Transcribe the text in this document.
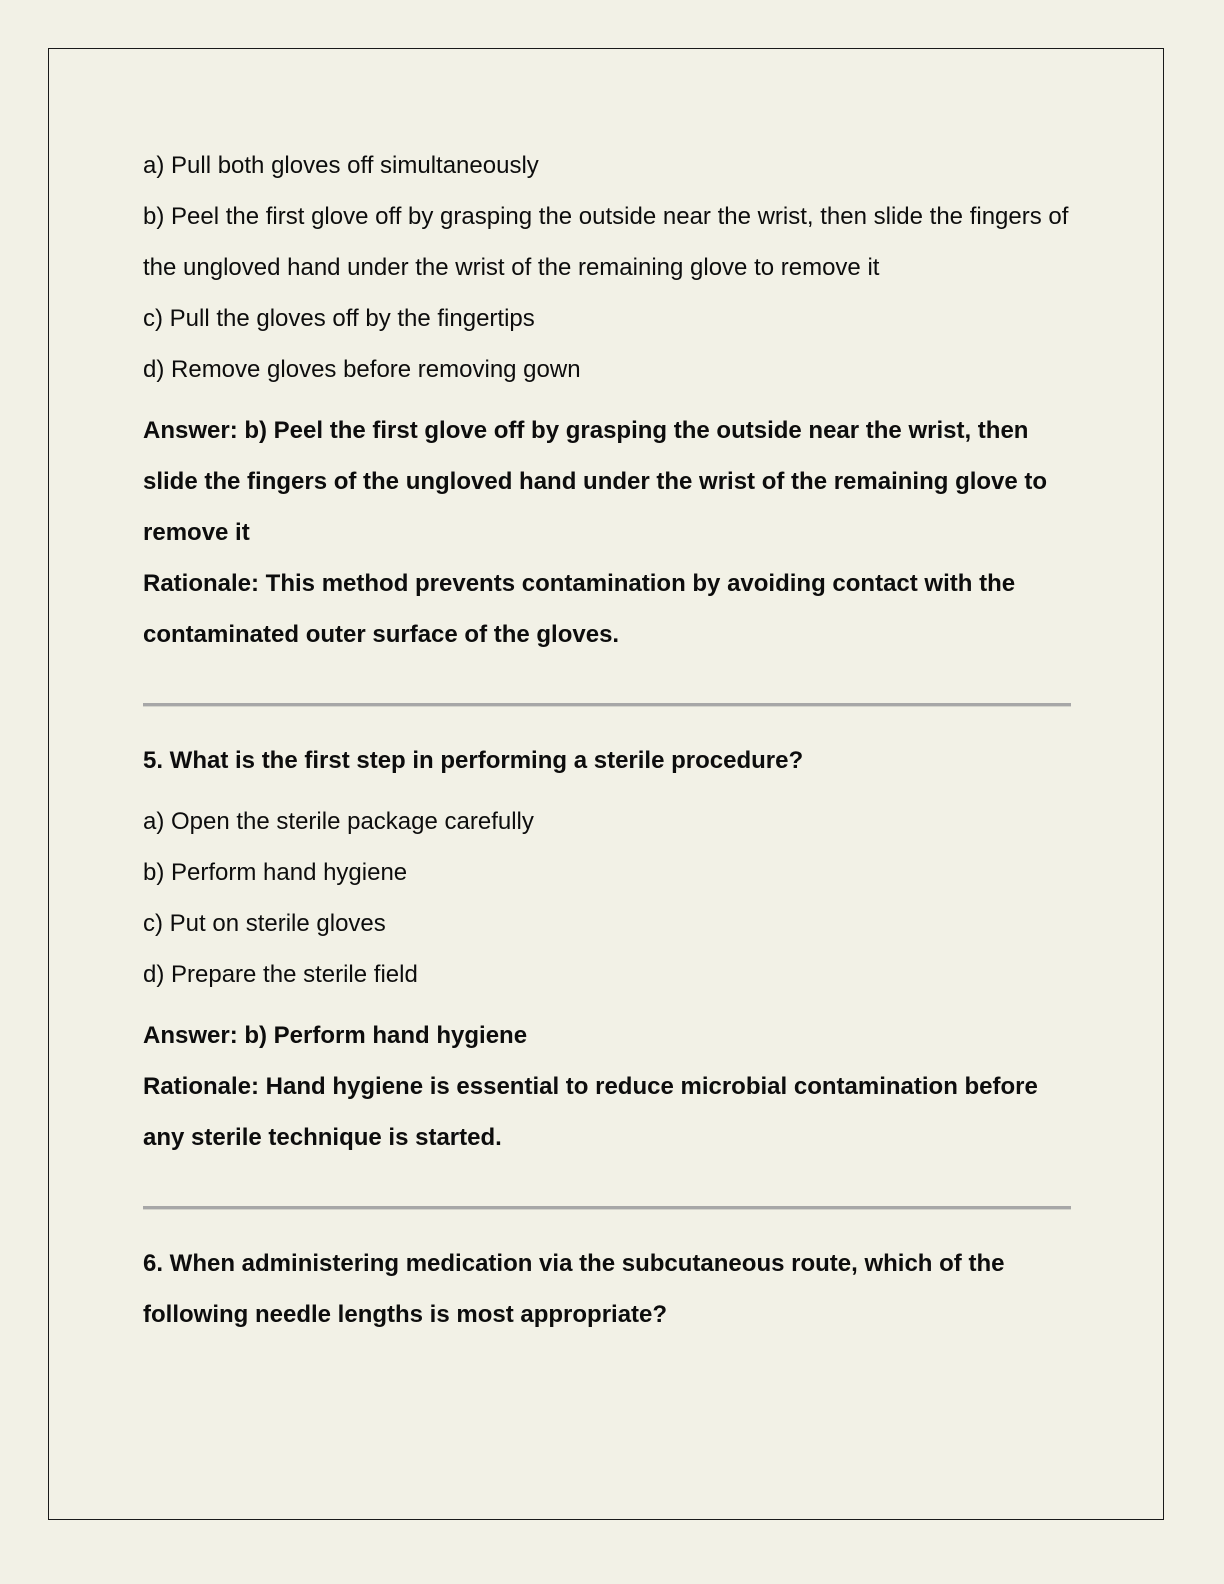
a) Pull both gloves off simultaneously

b) Peel the first glove off by grasping the outside near the wrist, then slide the fingers of the ungloved hand under the wrist of the remaining glove to remove it

c) Pull the gloves off by the fingertips

d) Remove gloves before removing gown

Answer: b) Peel the first glove off by grasping the outside near the wrist, then slide the fingers of the ungloved hand under the wrist of the remaining glove to remove it

Rationale: This method prevents contamination by avoiding contact with the contaminated outer surface of the gloves.

5. What is the first step in performing a sterile procedure?

a) Open the sterile package carefully

b) Perform hand hygiene

c) Put on sterile gloves

d) Prepare the sterile field

Answer: b) Perform hand hygiene

Rationale: Hand hygiene is essential to reduce microbial contamination before any sterile technique is started.

6. When administering medication via the subcutaneous route, which of the following needle lengths is most appropriate?
